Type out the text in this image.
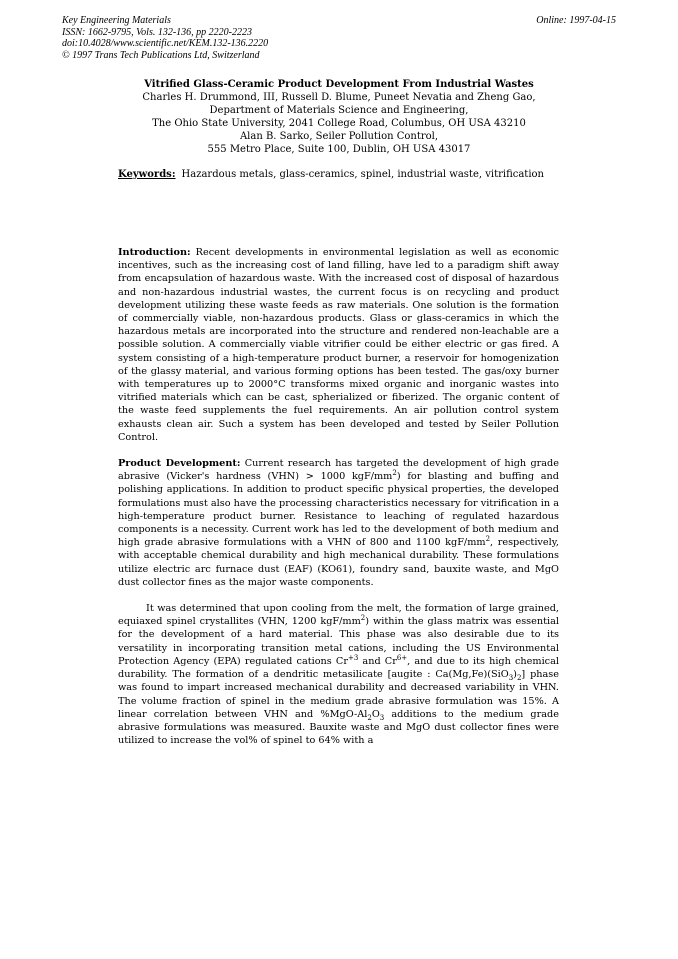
Key Engineering Materials
ISSN: 1662-9795, Vols. 132-136, pp 2220-2223
doi:10.4028/www.scientific.net/KEM.132-136.2220
© 1997 Trans Tech Publications Ltd, Switzerland
Online: 1997-04-15
Vitrified Glass-Ceramic Product Development From Industrial Wastes
Charles H. Drummond, III, Russell D. Blume, Puneet Nevatia and Zheng Gao,
Department of Materials Science and Engineering,
The Ohio State University, 2041 College Road, Columbus, OH USA 43210
Alan B. Sarko, Seiler Pollution Control,
555 Metro Place, Suite 100, Dublin, OH USA 43017
Keywords: Hazardous metals, glass-ceramics, spinel, industrial waste, vitrification

Introduction: Recent developments in environmental legislation as well as economic incentives, such as the increasing cost of land filling, have led to a paradigm shift away from encapsulation of hazardous waste. With the increased cost of disposal of hazardous and non-hazardous industrial wastes, the current focus is on recycling and product development utilizing these waste feeds as raw materials. One solution is the formation of commercially viable, non-hazardous products. Glass or glass-ceramics in which the hazardous metals are incorporated into the structure and rendered non-leachable are a possible solution. A commercially viable vitrifier could be either electric or gas fired. A system consisting of a high-temperature product burner, a reservoir for homogenization of the glassy material, and various forming options has been tested. The gas/oxy burner with temperatures up to 2000°C transforms mixed organic and inorganic wastes into vitrified materials which can be cast, spherialized or fiberized. The organic content of the waste feed supplements the fuel requirements. An air pollution control system exhausts clean air. Such a system has been developed and tested by Seiler Pollution Control.

Product Development: Current research has targeted the development of high grade abrasive (Vicker's hardness (VHN) > 1000 kgF/$mm^2$) for blasting and buffing and polishing applications. In addition to product specific physical properties, the developed formulations must also have the processing characteristics necessary for vitrification in a high-temperature product burner. Resistance to leaching of regulated hazardous components is a necessity. Current work has led to the development of both medium and high grade abrasive formulations with a VHN of 800 and 1100 kgF/$mm^2$, respectively, with acceptable chemical durability and high mechanical durability. These formulations utilize electric arc furnace dust (EAF) (KO61), foundry sand, bauxite waste, and MgO dust collector fines as the major waste components.

It was determined that upon cooling from the melt, the formation of large grained, equiaxed spinel crystallites (VHN, 1200 kgF/$mm^2$) within the glass matrix was essential for the development of a hard material. This phase was also desirable due to its versatility in incorporating transition metal cations, including the US Environmental Protection Agency (EPA) regulated cations $Cr^{+3}$ and $Cr^{6+}$, and due to its high chemical durability. The formation of a dendritic metasilicate [augite : $Ca(Mg,Fe)(SiO_3)_2$] phase was found to impart increased mechanical durability and decreased variability in VHN. The volume fraction of spinel in the medium grade abrasive formulation was 15%. A linear correlation between VHN and $\%MgO-Al_2O_3$ additions to the medium grade abrasive formulations was measured. Bauxite waste and MgO dust collector fines were utilized to increase the vol% of spinel to 64% with a
